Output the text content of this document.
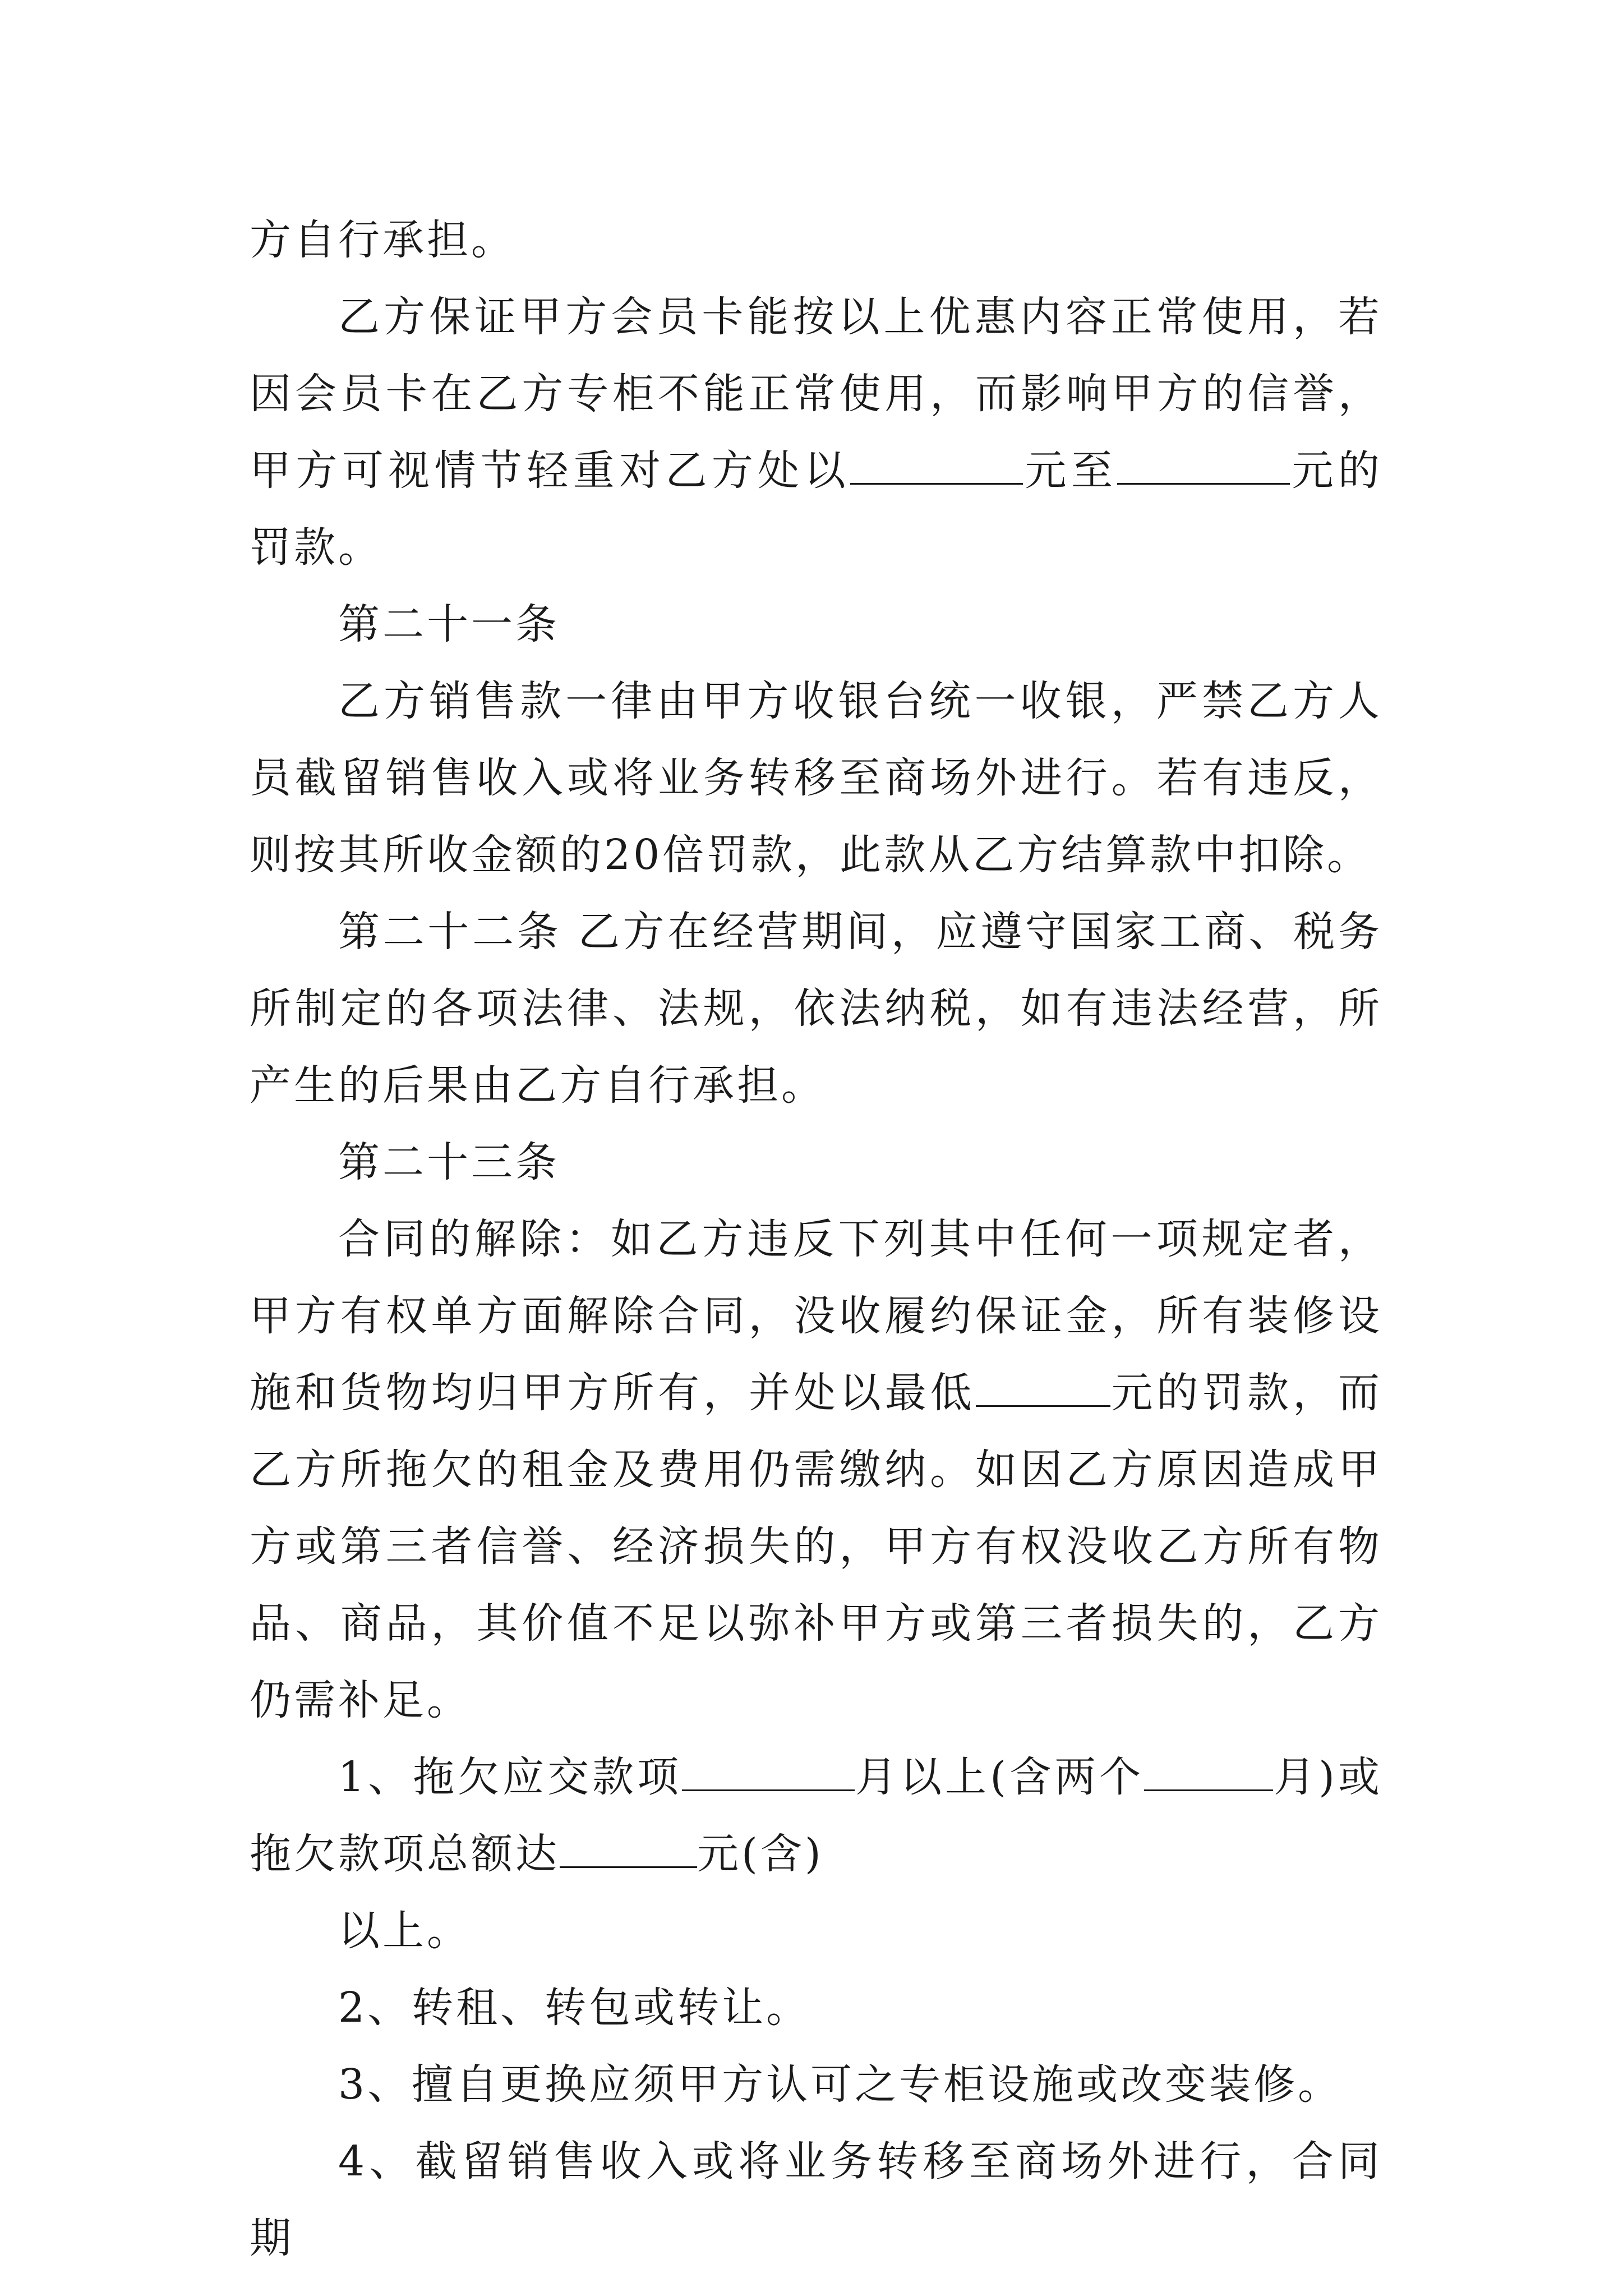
方自行承担。

乙方保证甲方会员卡能按以上优惠内容正常使用，若因会员卡在乙方专柜不能正常使用，而影响甲方的信誉，甲方可视情节轻重对乙方处以	元至	元的罚款。

第二十一条

乙方销售款一律由甲方收银台统一收银，严禁乙方人员截留销售收入或将业务转移至商场外进行。若有违反，则按其所收金额的20倍罚款，此款从乙方结算款中扣除。

第二十二条 乙方在经营期间，应遵守国家工商、税务所制定的各项法律、法规，依法纳税，如有违法经营，所产生的后果由乙方自行承担。

第二十三条

合同的解除：如乙方违反下列其中任何一项规定者，甲方有权单方面解除合同，没收履约保证金，所有装修设施和货物均归甲方所有，并处以最低	元的罚款，而乙方所拖欠的租金及费用仍需缴纳。如因乙方原因造成甲方或第三者信誉、经济损失的，甲方有权没收乙方所有物品、商品，其价值不足以弥补甲方或第三者损失的，乙方仍需补足。

1、拖欠应交款项	月以上(含两个	月)或拖欠款项总额达	元(含)

以上。

2、转租、转包或转让。

3、擅自更换应须甲方认可之专柜设施或改变装修。

4、截留销售收入或将业务转移至商场外进行，合同期
